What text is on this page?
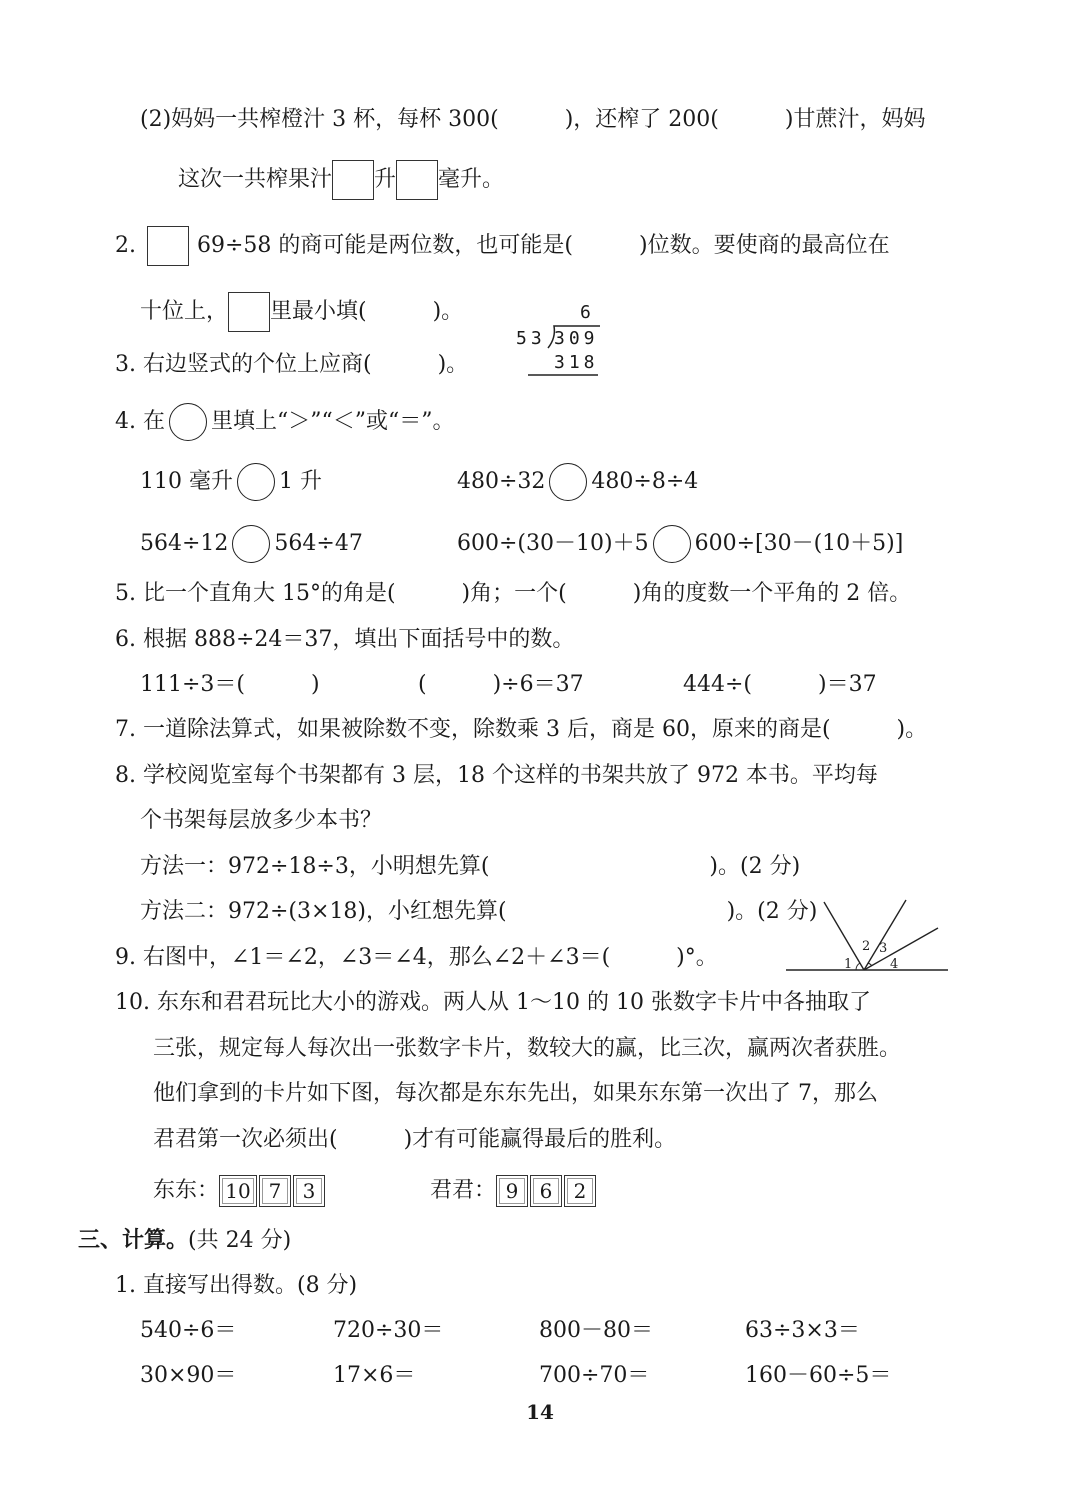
(2)妈妈一共榨橙汁 3 杯，每杯 300(　　　)，还榨了 200(　　　)甘蔗汁，妈妈
这次一共榨果汁 升 毫升。
2.	69÷58 的商可能是两位数，也可能是(　　　)位数。要使商的最高位在
十位上， 里最小填(　　　)。	6
53 309
318
3. 右边竖式的个位上应商(　　　)。
4. 在 里填上“＞”“＜”或“＝”。
110 毫升 1 升	480÷32 480÷8÷4
564÷12 564÷47	600÷(30－10)＋5 600÷[30－(10＋5)]
5. 比一个直角大 15°的角是(　　　)角；一个(　　　)角的度数一个平角的 2 倍。
6. 根据 888÷24＝37，填出下面括号中的数。
111÷3＝(　　　)	(　　　)÷6＝37	444÷(　　　)＝37
7. 一道除法算式，如果被除数不变，除数乘 3 后，商是 60，原来的商是(　　　)。
8. 学校阅览室每个书架都有 3 层，18 个这样的书架共放了 972 本书。平均每
个书架每层放多少本书？
方法一：972÷18÷3，小明想先算(　　　　　　　　　　)。(2 分)
方法二：972÷(3×18)，小红想先算(　　　　　　　　　　)。(2 分)
1
2 3
4
9. 右图中，∠1＝∠2，∠3＝∠4，那么∠2＋∠3＝(　　　)°。
10. 东东和君君玩比大小的游戏。两人从 1～10 的 10 张数字卡片中各抽取了
三张，规定每人每次出一张数字卡片，数较大的赢，比三次，赢两次者获胜。
他们拿到的卡片如下图，每次都是东东先出，如果东东第一次出了 7，那么
君君第一次必须出(　　　)才有可能赢得最后的胜利。
东东： 10 7 3	君君： 9 6 2
三、计算。(共 24 分)
1. 直接写出得数。(8 分)
540÷6＝	720÷30＝	800－80＝	63÷3×3＝
30×90＝	17×6＝	700÷70＝	160－60÷5＝
14
